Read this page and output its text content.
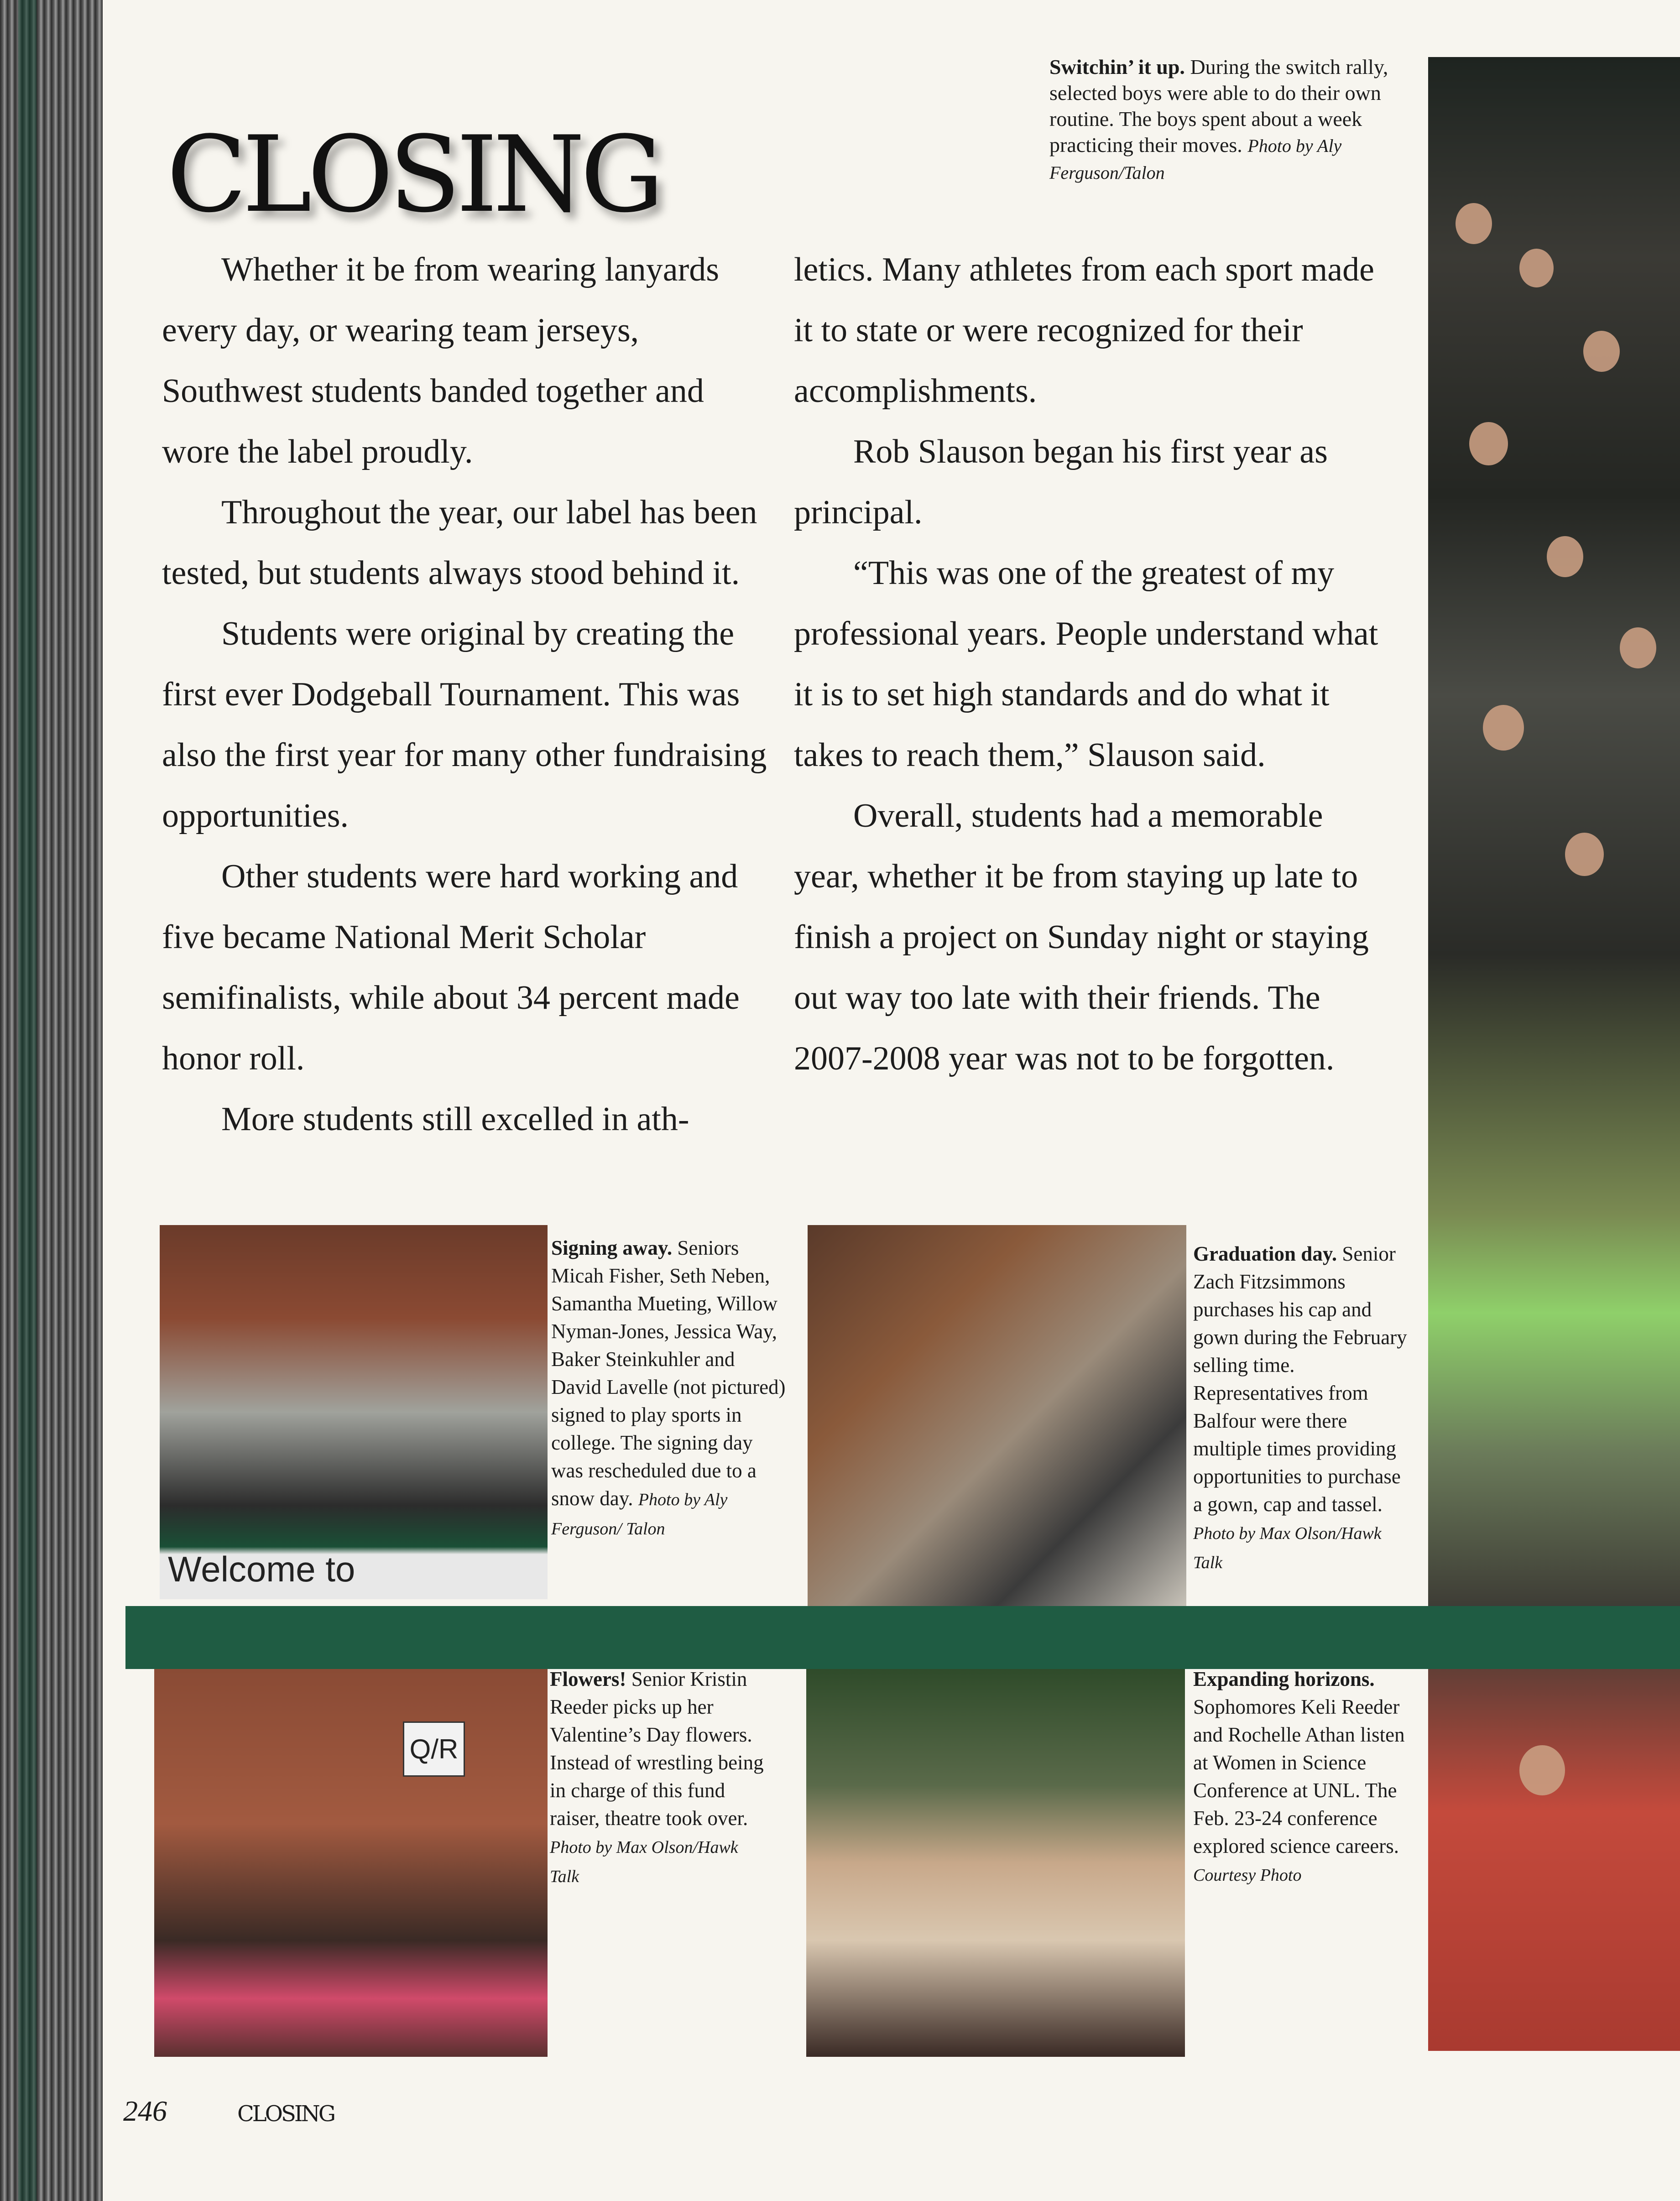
CLOSING
Switchin’ it up. During the switch rally, selected boys were able to do their own routine. The boys spent about a week practicing their moves. Photo by Aly Ferguson/Talon

Whether it be from wearing lanyards every day, or wearing team jerseys, Southwest students banded together and wore the label proudly.

Throughout the year, our label has been tested, but students always stood behind it.

Students were original by creating the first ever Dodgeball Tournament. This was also the first year for many other fundraising opportunities.

Other students were hard working and five became National Merit Scholar semifinalists, while about 34 percent made honor roll.

More students still excelled in ath-

letics. Many athletes from each sport made it to state or were recognized for their accomplishments.

Rob Slauson began his first year as principal.

“This was one of the greatest of my professional years. People understand what it is to set high standards and do what it takes to reach them,” Slauson said.

Overall, students had a memorable year, whether it be from staying up late to finish a project on Sunday night or staying out way too late with their friends. The 2007-2008 year was not to be forgotten.

Welcome to
Q/R
Signing away. Seniors Micah Fisher, Seth Neben, Samantha Mueting, Willow Nyman-Jones, Jessica Way, Baker Steinkuhler and David Lavelle (not pictured) signed to play sports in college. The signing day was rescheduled due to a snow day. Photo by Aly Ferguson/ Talon
Graduation day. Senior Zach Fitzsimmons purchases his cap and gown during the February selling time. Representatives from Balfour were there multiple times providing opportunities to purchase a gown, cap and tassel. Photo by Max Olson/Hawk Talk
Flowers! Senior Kristin Reeder picks up her Valentine’s Day flowers. Instead of wrestling being in charge of this fund raiser, theatre took over. Photo by Max Olson/Hawk Talk
Expanding horizons. Sophomores Keli Reeder and Rochelle Athan listen at Women in Science Conference at UNL. The Feb. 23-24 conference explored science careers. Courtesy Photo
246	CLOSING
